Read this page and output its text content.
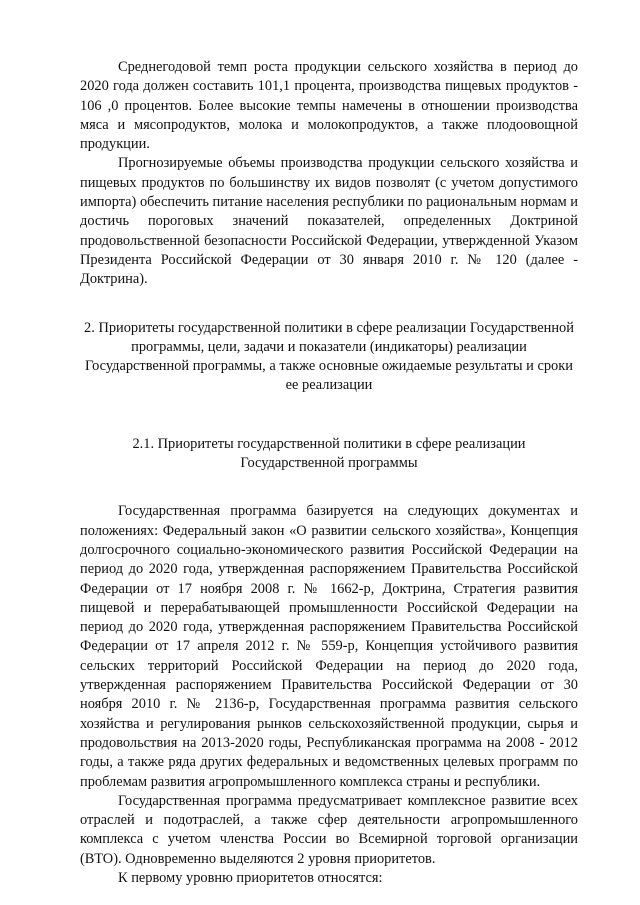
Среднегодовой темп роста продукции сельского хозяйства в период до 2020 года должен составить 101,1 процента, производства пищевых продуктов - 106 ,0 процентов. Более высокие темпы намечены в отношении производства мяса и мясопродуктов, молока и молокопродуктов, а также плодоовощной продукции.

Прогнозируемые объемы производства продукции сельского хозяйства и пищевых продуктов по большинству их видов позволят (с учетом допустимого импорта) обеспечить питание населения республики по рациональным нормам и достичь пороговых значений показателей, определенных Доктриной продовольственной безопасности Российской Федерации, утвержденной Указом Президента Российской Федерации от 30 января 2010 г. № 120 (далее - Доктрина).

2. Приоритеты государственной политики в сфере реализации Государственной программы, цели, задачи и показатели (индикаторы) реализации Государственной программы, а также основные ожидаемые результаты и сроки ее реализации

2.1. Приоритеты государственной политики в сфере реализации Государственной программы

Государственная программа базируется на следующих документах и положениях: Федеральный закон «О развитии сельского хозяйства», Концепция долгосрочного социально-экономического развития Российской Федерации на период до 2020 года, утвержденная распоряжением Правительства Российской Федерации от 17 ноября 2008 г. № 1662-р, Доктрина, Стратегия развития пищевой и перерабатывающей промышленности Российской Федерации на период до 2020 года, утвержденная распоряжением Правительства Российской Федерации от 17 апреля 2012 г. № 559-р, Концепция устойчивого развития сельских территорий Российской Федерации на период до 2020 года, утвержденная распоряжением Правительства Российской Федерации от 30 ноября 2010 г. № 2136-р, Государственная программа развития сельского хозяйства и регулирования рынков сельскохозяйственной продукции, сырья и продовольствия на 2013-2020 годы, Республиканская программа на 2008 - 2012 годы, а также ряда других федеральных и ведомственных целевых программ по проблемам развития агропромышленного комплекса страны и республики.

Государственная программа предусматривает комплексное развитие всех отраслей и подотраслей, а также сфер деятельности агропромышленного комплекса с учетом членства России во Всемирной торговой организации (ВТО). Одновременно выделяются 2 уровня приоритетов.

К первому уровню приоритетов относятся:
